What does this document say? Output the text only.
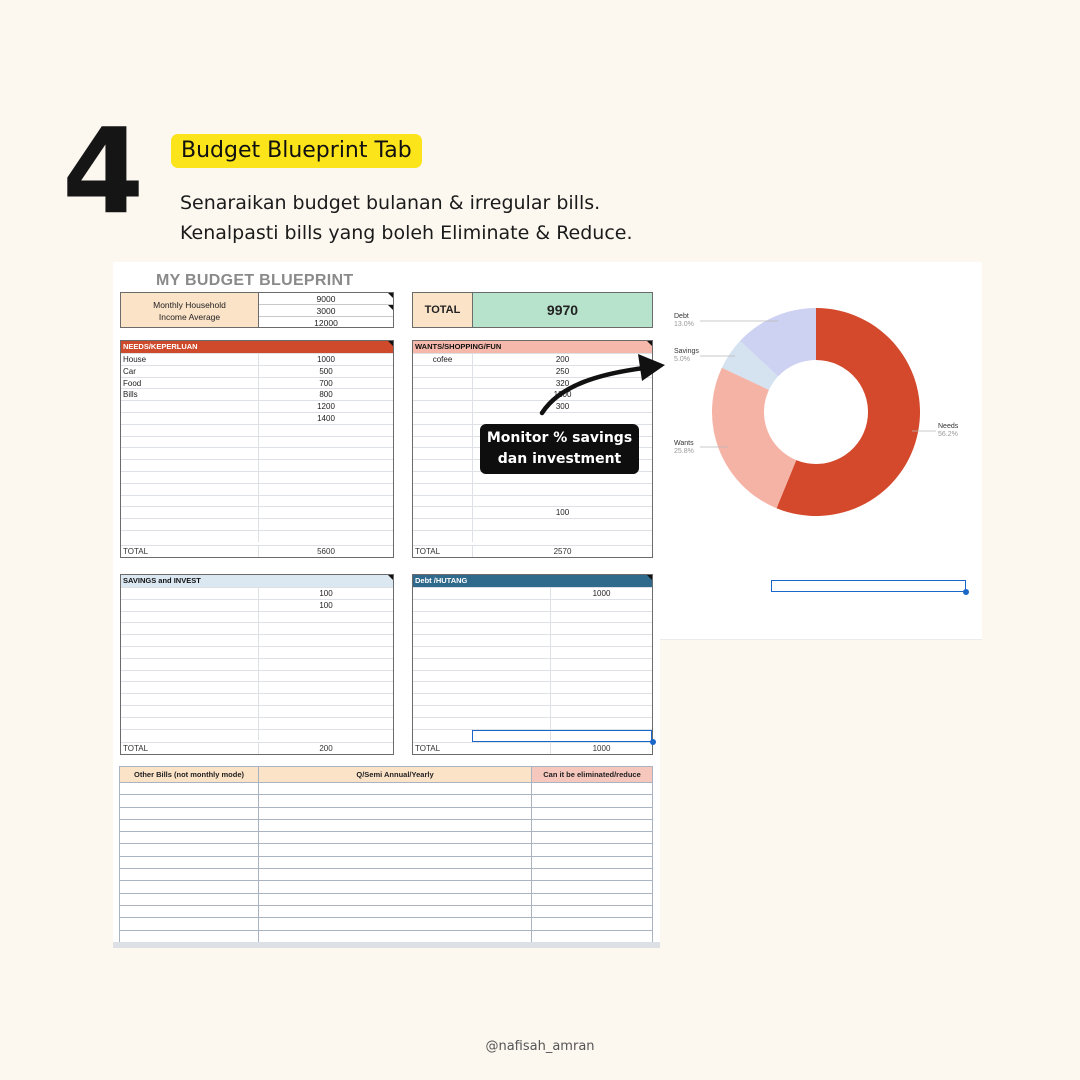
4	Budget Blueprint Tab
Senaraikan budget bulanan & irregular bills.
Kenalpasti bills yang boleh Eliminate & Reduce.
MY BUDGET BLUEPRINT
Monthly Household
Income Average
9000
3000
12000
TOTAL	9970
NEEDS/KEPERLUAN
House	1000
Car	500
Food	700
Bills	800
1200
1400
TOTAL	5600
WANTS/SHOPPING/FUN
cofee	200
250
320
1200
300
100
TOTAL	2570
SAVINGS and INVEST
100
100
TOTAL	200
Debt /HUTANG
1000
TOTAL	1000
Other Bills (not monthly mode)	Q/Semi Annual/Yearly	Can it be eliminated/reduce
Debt
13.0%
Savings
5.0%
Wants
25.8%
Needs
56.2%
Monitor % savings
dan investment
@nafisah_amran
